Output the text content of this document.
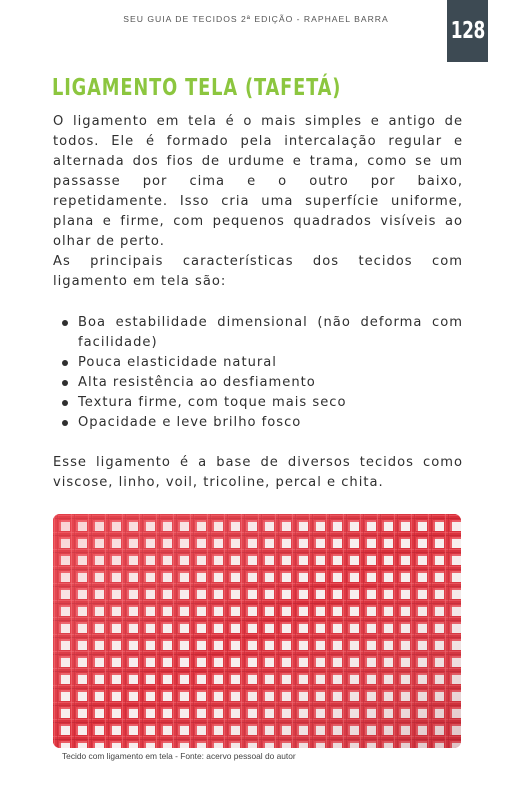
SEU GUIA DE TECIDOS 2ª EDIÇÃO - RAPHAEL BARRA	128
LIGAMENTO TELA (TAFETÁ)

O ligamento em tela é o mais simples e antigo de todos. Ele é formado pela intercalação regular e alternada dos fios de urdume e trama, como se um passasse por cima e o outro por baixo, repetidamente. Isso cria uma superfície uniforme, plana e firme, com pequenos quadrados visíveis ao olhar de perto.

As principais características dos tecidos com ligamento em tela são:

Boa estabilidade dimensional (não deforma com facilidade)
Pouca elasticidade natural
Alta resistência ao desfiamento
Textura firme, com toque mais seco
Opacidade e leve brilho fosco

Esse ligamento é a base de diversos tecidos como viscose, linho, voil, tricoline, percal e chita.

Tecido com ligamento em tela - Fonte: acervo pessoal do autor
